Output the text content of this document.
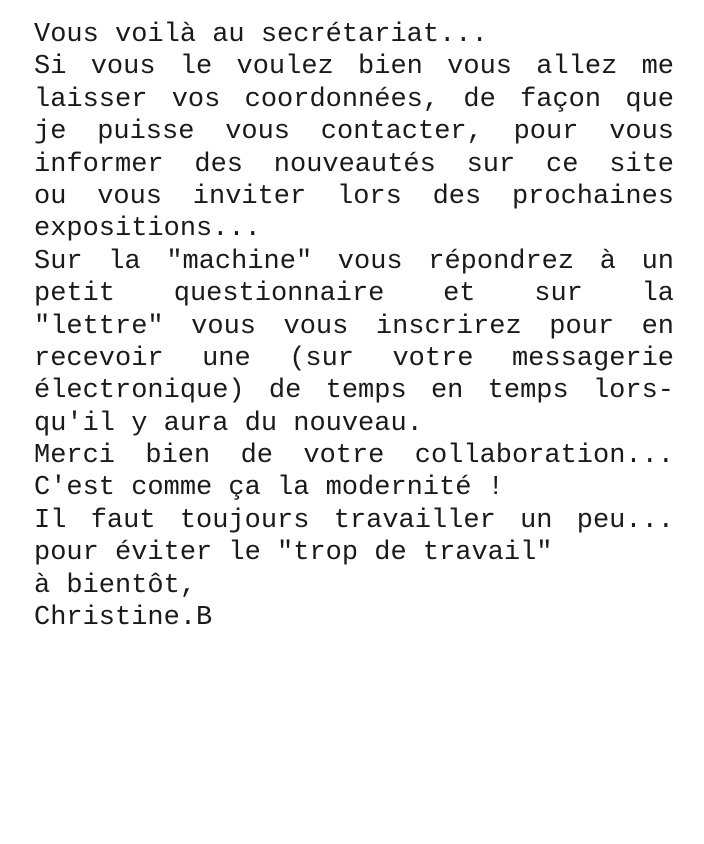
Vous voilà au secrétariat...
Si vous le voulez bien vous allez me
laisser vos coordonnées, de façon que
je puisse vous contacter, pour vous
informer des nouveautés sur ce site
ou vous inviter lors des prochaines
expositions...
Sur la "machine" vous répondrez à un
petit questionnaire et sur la
"lettre" vous vous inscrirez pour en
recevoir une (sur votre messagerie
électronique) de temps en temps lors-
qu'il y aura du nouveau.
Merci bien de votre collaboration...
C'est comme ça la modernité !
Il faut toujours travailler un peu...
pour éviter le "trop de travail"
à bientôt,
Christine.B
